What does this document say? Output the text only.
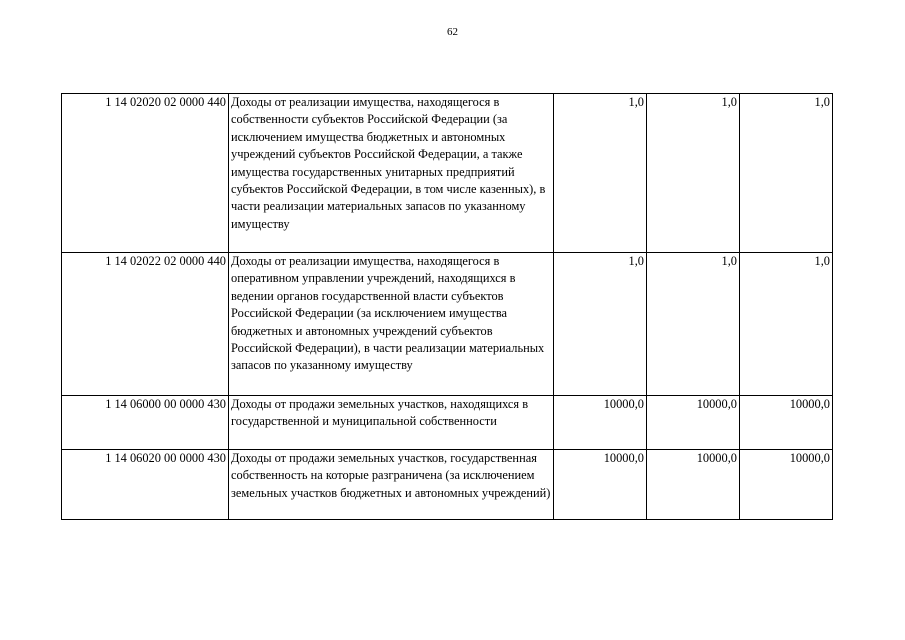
62
1 14 02020 02 0000 440	Доходы от реализации имущества, находящегося в собственности субъектов Российской Федерации (за исключением имущества бюджетных и автономных учреждений субъектов Российской Федерации, а также имущества государственных унитарных предприятий субъектов Российской Федерации, в том числе казенных), в части реализации материальных запасов по указанному имуществу	1,0	1,0	1,0
1 14 02022 02 0000 440	Доходы от реализации имущества, находящегося в оперативном управлении учреждений, находящихся в ведении органов государственной власти субъектов Российской Федерации (за исключением имущества бюджетных и автономных учреждений субъектов Российской Федерации), в части реализации материальных запасов по указанному имуществу	1,0	1,0	1,0
1 14 06000 00 0000 430	Доходы от продажи земельных участков, находящихся в государственной и муниципальной собственности	10000,0	10000,0	10000,0
1 14 06020 00 0000 430	Доходы от продажи земельных участков, государственная собственность на которые разграничена (за исключением земельных участков бюджетных и автономных учреждений)	10000,0	10000,0	10000,0
